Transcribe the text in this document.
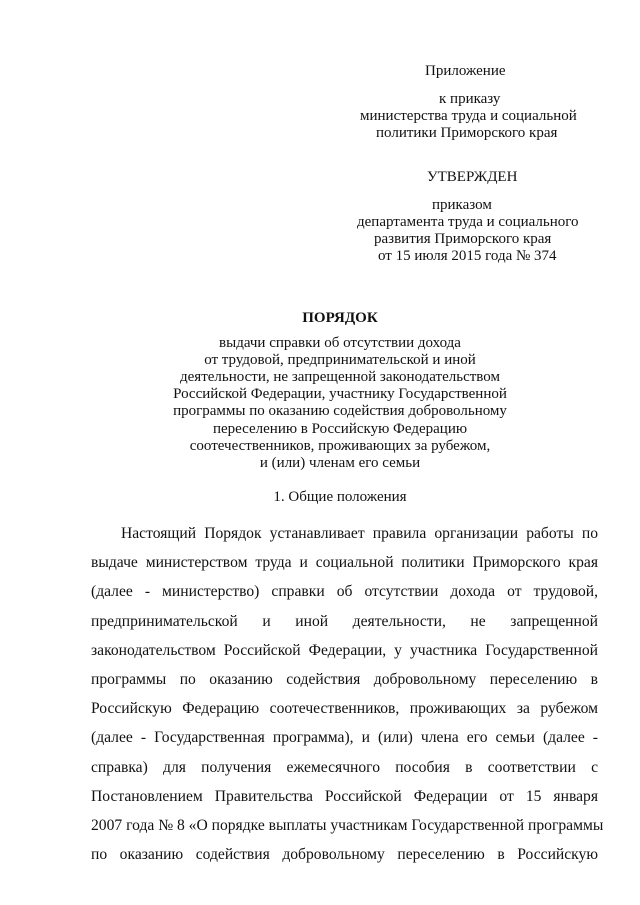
Приложение
к приказу
министерства труда и социальной
политики Приморского края
УТВЕРЖДЕН
приказом
департамента труда и социального
развития Приморского края
от 15 июля 2015 года № 374
ПОРЯДОК
выдачи справки об отсутствии дохода
от трудовой, предпринимательской и иной
деятельности, не запрещенной законодательством
Российской Федерации, участнику Государственной
программы по оказанию содействия добровольному
переселению в Российскую Федерацию
соотечественников, проживающих за рубежом,
и (или) членам его семьи
1. Общие положения
Настоящий Порядок устанавливает правила организации работы по
выдаче министерством труда и социальной политики Приморского края
(далее - министерство) справки об отсутствии дохода от трудовой,
предпринимательской и иной деятельности, не запрещенной
законодательством Российской Федерации, у участника Государственной
программы по оказанию содействия добровольному переселению в
Российскую Федерацию соотечественников, проживающих за рубежом
(далее - Государственная программа), и (или) члена его семьи (далее -
справка) для получения ежемесячного пособия в соответствии с
Постановлением Правительства Российской Федерации от 15 января
2007 года № 8 «О порядке выплаты участникам Государственной программы
по оказанию содействия добровольному переселению в Российскую
